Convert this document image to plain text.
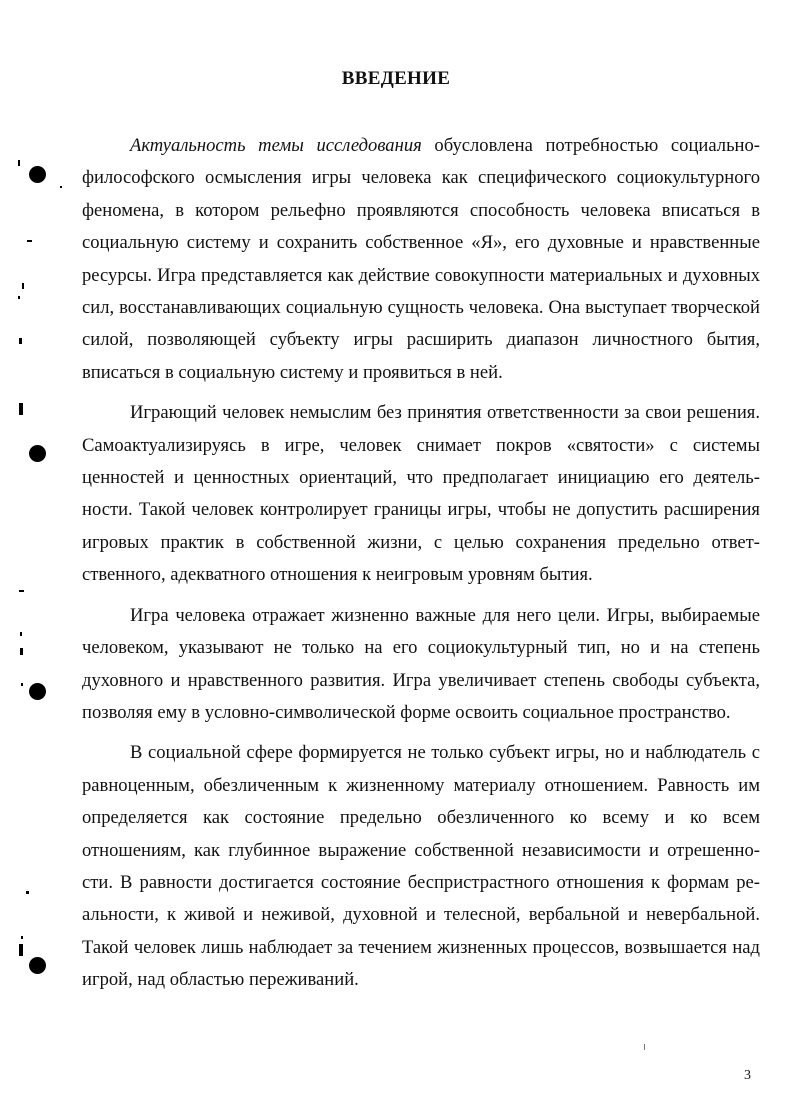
ВВЕДЕНИЕ

Актуальность темы исследования обусловлена потребностью социально-философского осмысления игры человека как специфического социокультурного феномена, в котором рельефно проявляются способность человека вписаться в социальную систему и сохранить собственное «Я», его духовные и нравственные ресурсы. Игра представляется как действие совокупности материальных и духовных сил, восстанавливающих социальную сущность человека. Она выступает творческой силой, позволяющей субъекту игры расширить диапазон личностного бытия, вписаться в социальную систему и проявиться в ней.

Играющий человек немыслим без принятия ответственности за свои решения. Самоактуализируясь в игре, человек снимает покров «святости» с системы ценностей и ценностных ориентаций, что предполагает инициацию его деятельности. Такой человек контролирует границы игры, чтобы не допустить расширения игровых практик в собственной жизни, с целью сохранения предельно ответственного, адекватного отношения к неигровым уровням бытия.

Игра человека отражает жизненно важные для него цели. Игры, выбираемые человеком, указывают не только на его социокультурный тип, но и на степень духовного и нравственного развития. Игра увеличивает степень свободы субъекта, позволяя ему в условно-символической форме освоить социальное пространство.

В социальной сфере формируется не только субъект игры, но и наблюдатель с равноценным, обезличенным к жизненному материалу отношением. Равность им определяется как состояние предельно обезличенного ко всему и ко всем отношениям, как глубинное выражение собственной независимости и отрешенности. В равности достигается состояние беспристрастного отношения к формам реальности, к живой и неживой, духовной и телесной, вербальной и невербальной. Такой человек лишь наблюдает за течением жизненных процессов, возвышается над игрой, над областью переживаний.

3
